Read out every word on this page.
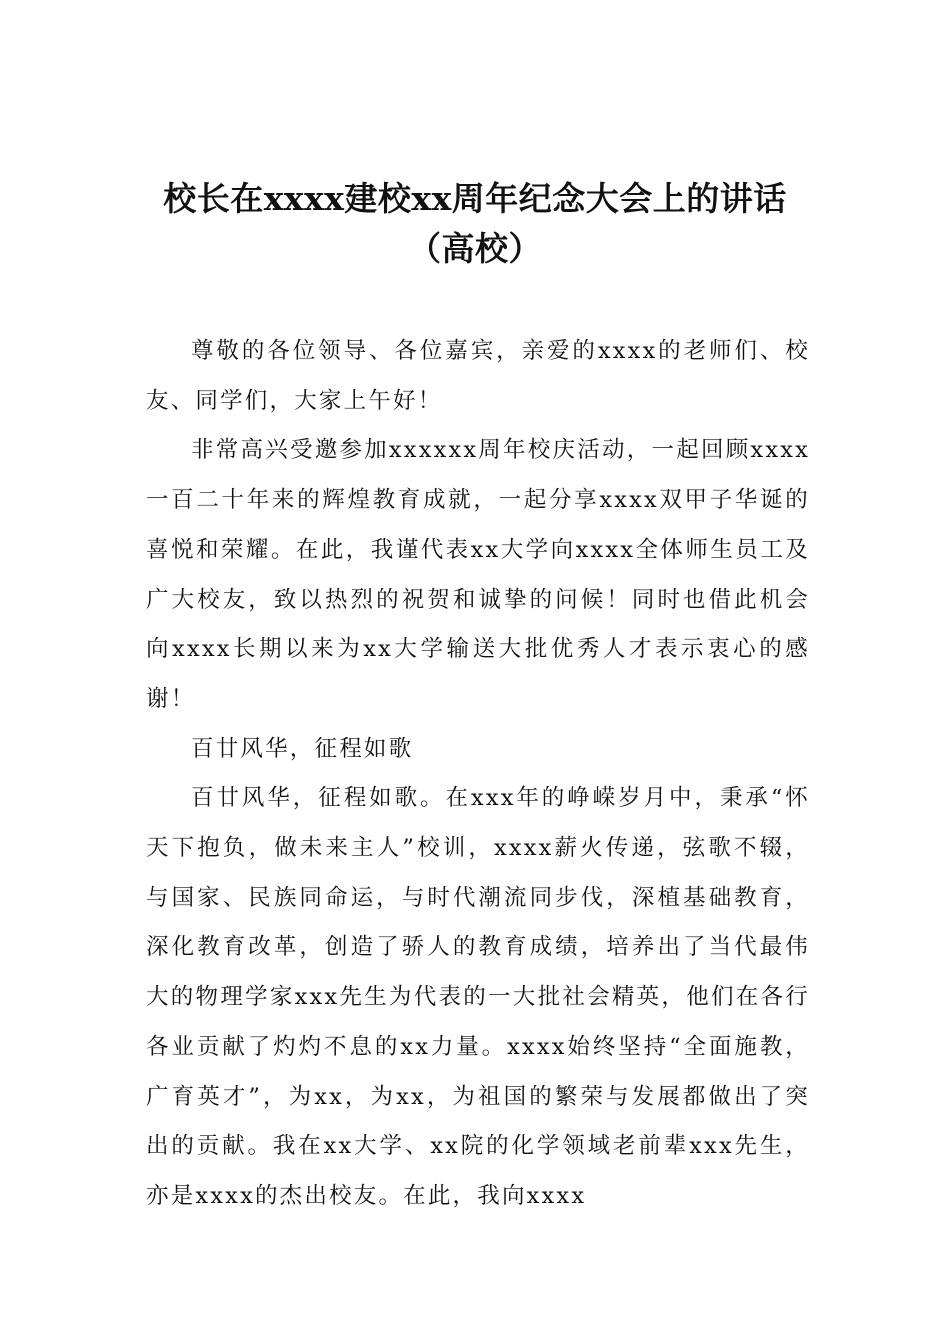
校长在xxxx建校xx周年纪念大会上的讲话
（高校）

尊敬的各位领导、各位嘉宾，亲爱的xxxx的老师们、校友、同学们，大家上午好！

非常高兴受邀参加xxxxxx周年校庆活动，一起回顾xxxx一百二十年来的辉煌教育成就，一起分享xxxx双甲子华诞的喜悦和荣耀。在此，我谨代表xx大学向xxxx全体师生员工及广大校友，致以热烈的祝贺和诚挚的问候！同时也借此机会向xxxx长期以来为xx大学输送大批优秀人才表示衷心的感谢！

百廿风华，征程如歌

百廿风华，征程如歌。在xxx年的峥嵘岁月中，秉承“怀天下抱负，做未来主人”校训，xxxx薪火传递，弦歌不辍，与国家、民族同命运，与时代潮流同步伐，深植基础教育，深化教育改革，创造了骄人的教育成绩，培养出了当代最伟大的物理学家xxx先生为代表的一大批社会精英，他们在各行各业贡献了灼灼不息的xx力量。xxxx始终坚持“全面施教，广育英才”，为xx，为xx，为祖国的繁荣与发展都做出了突出的贡献。我在xx大学、xx院的化学领域老前辈xxx先生，亦是xxxx的杰出校友。在此，我向xxxx
